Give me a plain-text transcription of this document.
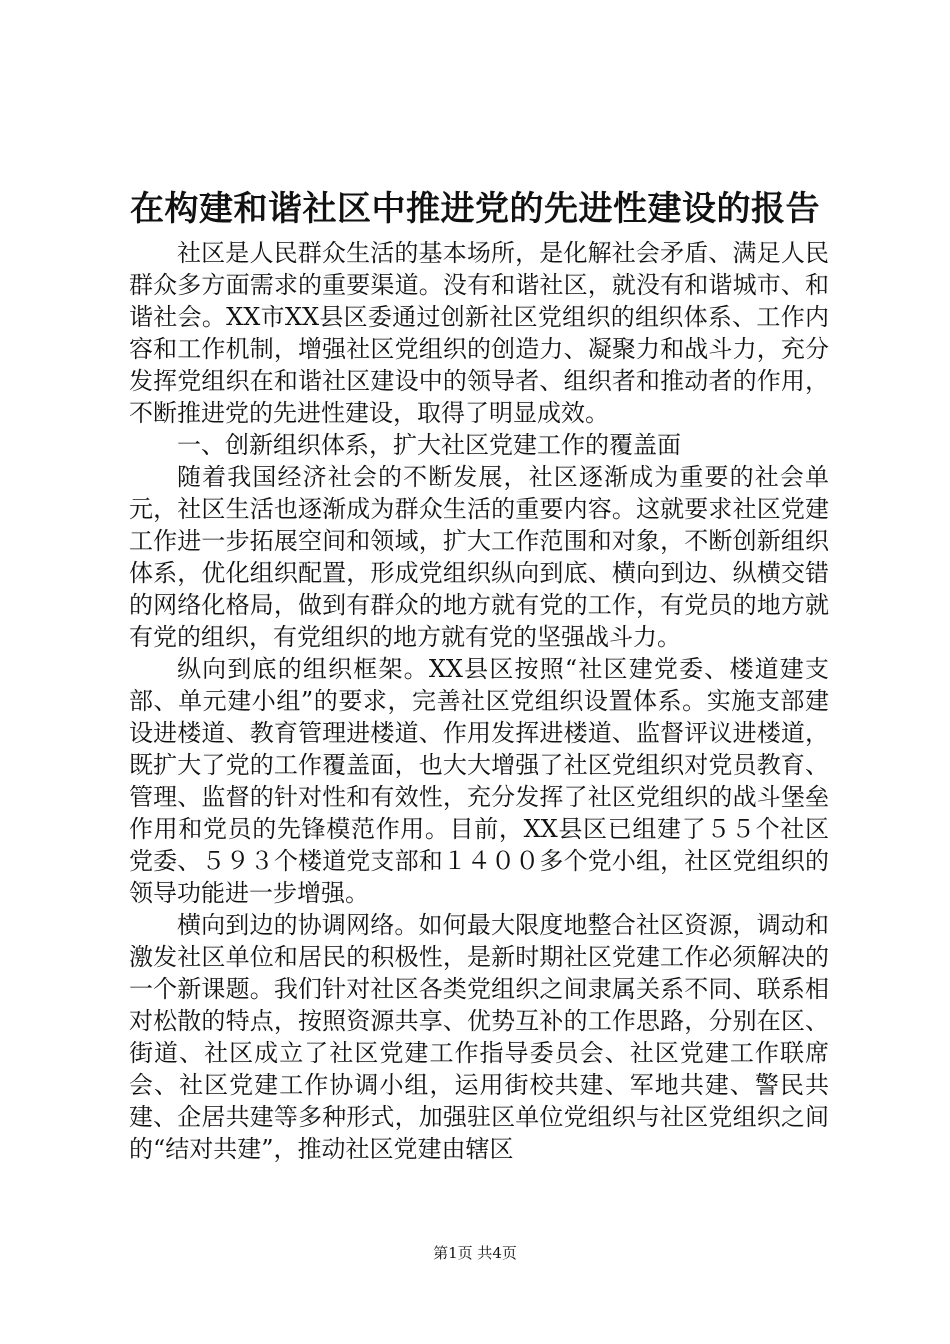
在构建和谐社区中推进党的先进性建设的报告

社区是人民群众生活的基本场所，是化解社会矛盾、满足人民群众多方面需求的重要渠道。没有和谐社区，就没有和谐城市、和谐社会。XX市XX县区委通过创新社区党组织的组织体系、工作内容和工作机制，增强社区党组织的创造力、凝聚力和战斗力，充分发挥党组织在和谐社区建设中的领导者、组织者和推动者的作用，不断推进党的先进性建设，取得了明显成效。

一、创新组织体系，扩大社区党建工作的覆盖面

随着我国经济社会的不断发展，社区逐渐成为重要的社会单元，社区生活也逐渐成为群众生活的重要内容。这就要求社区党建工作进一步拓展空间和领域，扩大工作范围和对象，不断创新组织体系，优化组织配置，形成党组织纵向到底、横向到边、纵横交错的网络化格局，做到有群众的地方就有党的工作，有党员的地方就有党的组织，有党组织的地方就有党的坚强战斗力。

纵向到底的组织框架。XX县区按照“社区建党委、楼道建支部、单元建小组”的要求，完善社区党组织设置体系。实施支部建设进楼道、教育管理进楼道、作用发挥进楼道、监督评议进楼道，既扩大了党的工作覆盖面，也大大增强了社区党组织对党员教育、管理、监督的针对性和有效性，充分发挥了社区党组织的战斗堡垒作用和党员的先锋模范作用。目前，XX县区已组建了５５个社区党委、５９３个楼道党支部和１４００多个党小组，社区党组织的领导功能进一步增强。

横向到边的协调网络。如何最大限度地整合社区资源，调动和激发社区单位和居民的积极性，是新时期社区党建工作必须解决的一个新课题。我们针对社区各类党组织之间隶属关系不同、联系相对松散的特点，按照资源共享、优势互补的工作思路，分别在区、街道、社区成立了社区党建工作指导委员会、社区党建工作联席会、社区党建工作协调小组，运用街校共建、军地共建、警民共建、企居共建等多种形式，加强驻区单位党组织与社区党组织之间的“结对共建”，推动社区党建由辖区

第1页 共4页
